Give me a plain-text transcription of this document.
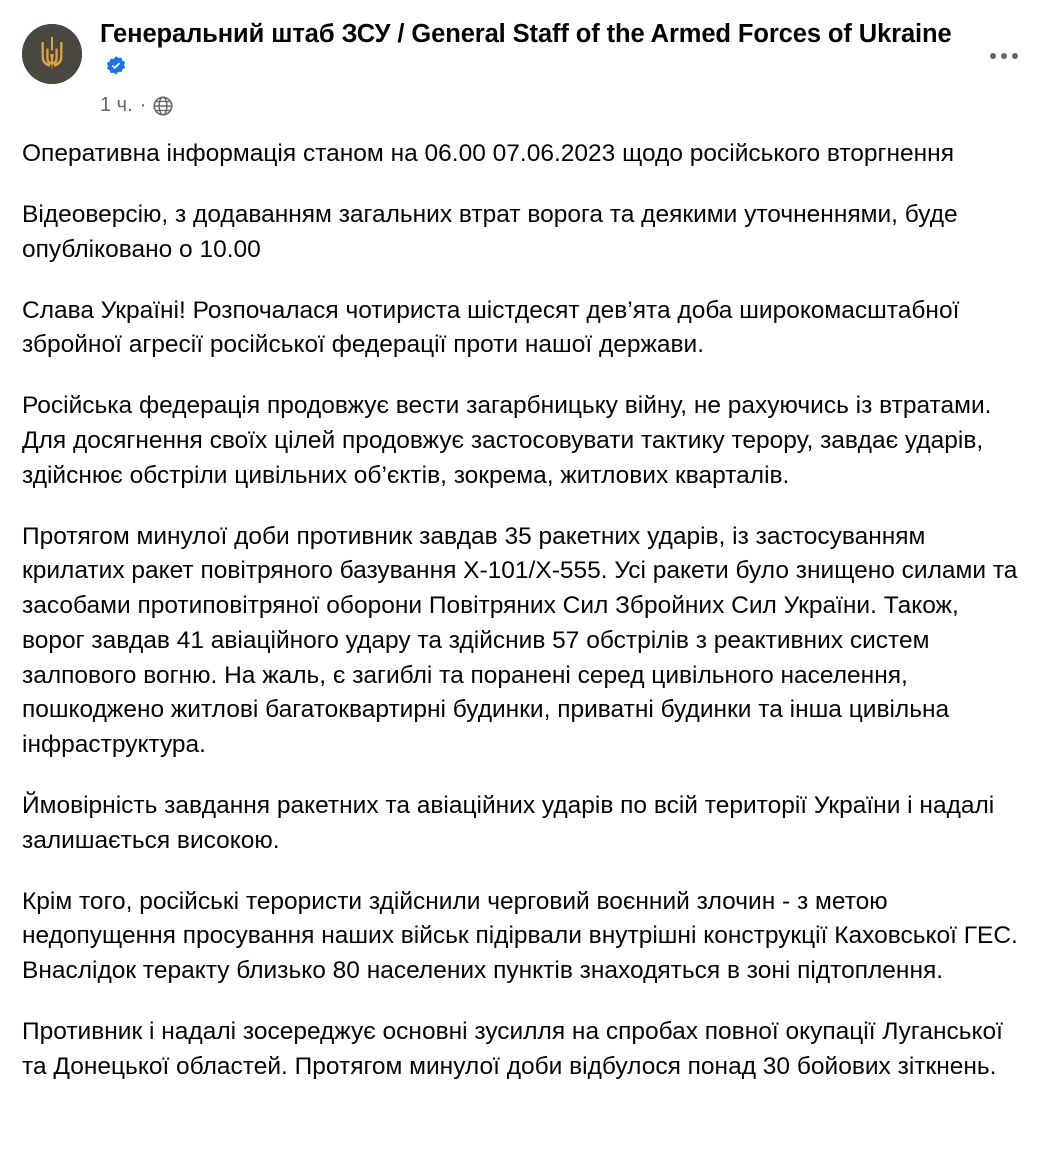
Генеральний штаб ЗСУ / General Staff of the Armed Forces of Ukraine
1 ч. ·

Оперативна інформація станом на 06.00 07.06.2023 щодо російського вторгнення

Відеоверсію, з додаванням загальних втрат ворога та деякими уточненнями, буде опубліковано о 10.00

Слава Україні! Розпочалася чотириста шістдесят дев’ята доба широкомасштабної збройної агресії російської федерації проти нашої держави.

Російська федерація продовжує вести загарбницьку війну, не рахуючись із втратами. Для досягнення своїх цілей продовжує застосовувати тактику терору, завдає ударів, здійснює обстріли цивільних об’єктів, зокрема, житлових кварталів.

Протягом минулої доби противник завдав 35 ракетних ударів, із застосуванням крилатих ракет повітряного базування Х-101/Х-555. Усі ракети було знищено силами та засобами протиповітряної оборони Повітряних Сил Збройних Сил України. Також, ворог завдав 41 авіаційного удару та здійснив 57 обстрілів з реактивних систем залпового вогню. На жаль, є загиблі та поранені серед цивільного населення, пошкоджено житлові багатоквартирні будинки, приватні будинки та інша цивільна інфраструктура.

Ймовірність завдання ракетних та авіаційних ударів по всій території України і надалі залишається високою.

Крім того, російські терористи здійснили черговий воєнний злочин - з метою недопущення просування наших військ підірвали внутрішні конструкції Каховської ГЕС. Внаслідок теракту близько 80 населених пунктів знаходяться в зоні підтоплення.

Противник і надалі зосереджує основні зусилля на спробах повної окупації Луганської та Донецької областей. Протягом минулої доби відбулося понад 30 бойових зіткнень.
